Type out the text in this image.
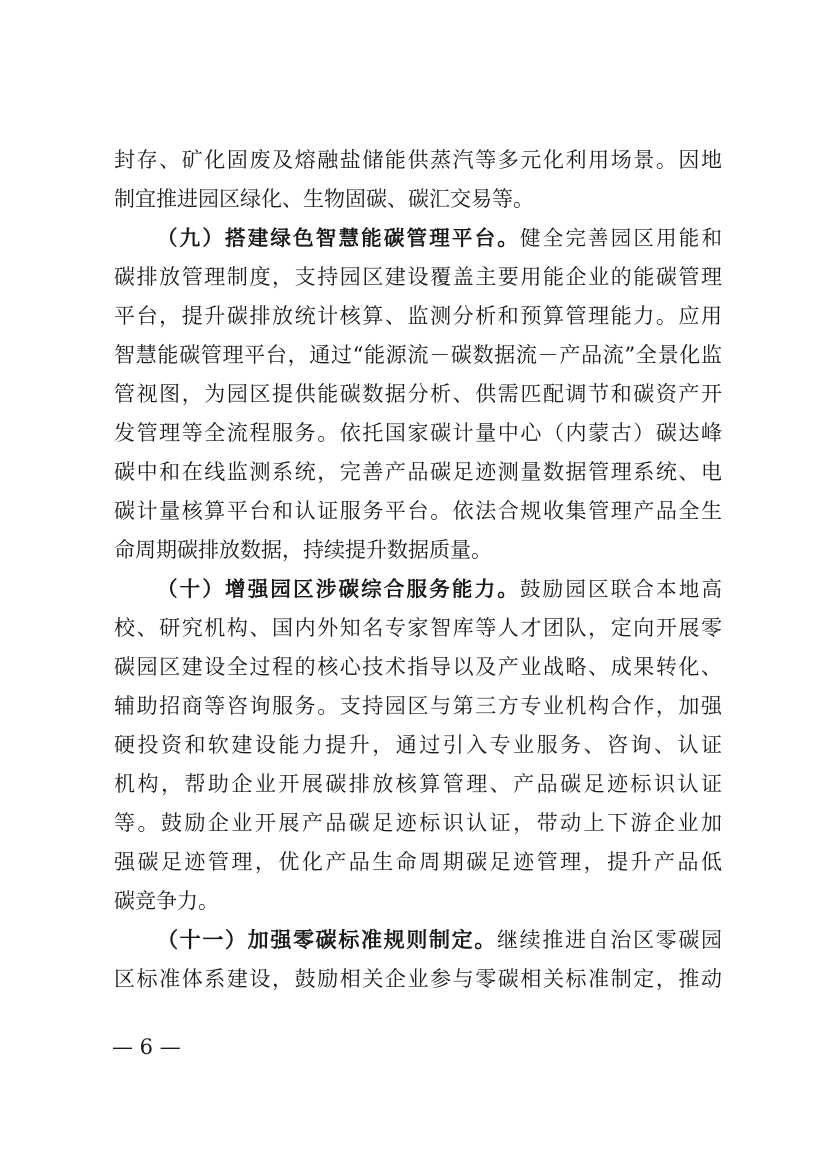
封存、矿化固废及熔融盐储能供蒸汽等多元化利用场景。因地
制宜推进园区绿化、生物固碳、碳汇交易等。
（九）搭建绿色智慧能碳管理平台。健全完善园区用能和
碳排放管理制度，支持园区建设覆盖主要用能企业的能碳管理
平台，提升碳排放统计核算、监测分析和预算管理能力。应用
智慧能碳管理平台，通过“能源流－碳数据流－产品流”全景化监
管视图，为园区提供能碳数据分析、供需匹配调节和碳资产开
发管理等全流程服务。依托国家碳计量中心（内蒙古）碳达峰
碳中和在线监测系统，完善产品碳足迹测量数据管理系统、电
碳计量核算平台和认证服务平台。依法合规收集管理产品全生
命周期碳排放数据，持续提升数据质量。
（十）增强园区涉碳综合服务能力。鼓励园区联合本地高
校、研究机构、国内外知名专家智库等人才团队，定向开展零
碳园区建设全过程的核心技术指导以及产业战略、成果转化、
辅助招商等咨询服务。支持园区与第三方专业机构合作，加强
硬投资和软建设能力提升，通过引入专业服务、咨询、认证
机构，帮助企业开展碳排放核算管理、产品碳足迹标识认证
等。鼓励企业开展产品碳足迹标识认证，带动上下游企业加
强碳足迹管理，优化产品生命周期碳足迹管理，提升产品低
碳竞争力。
（十一）加强零碳标准规则制定。继续推进自治区零碳园
区标准体系建设，鼓励相关企业参与零碳相关标准制定，推动
— 6 —
